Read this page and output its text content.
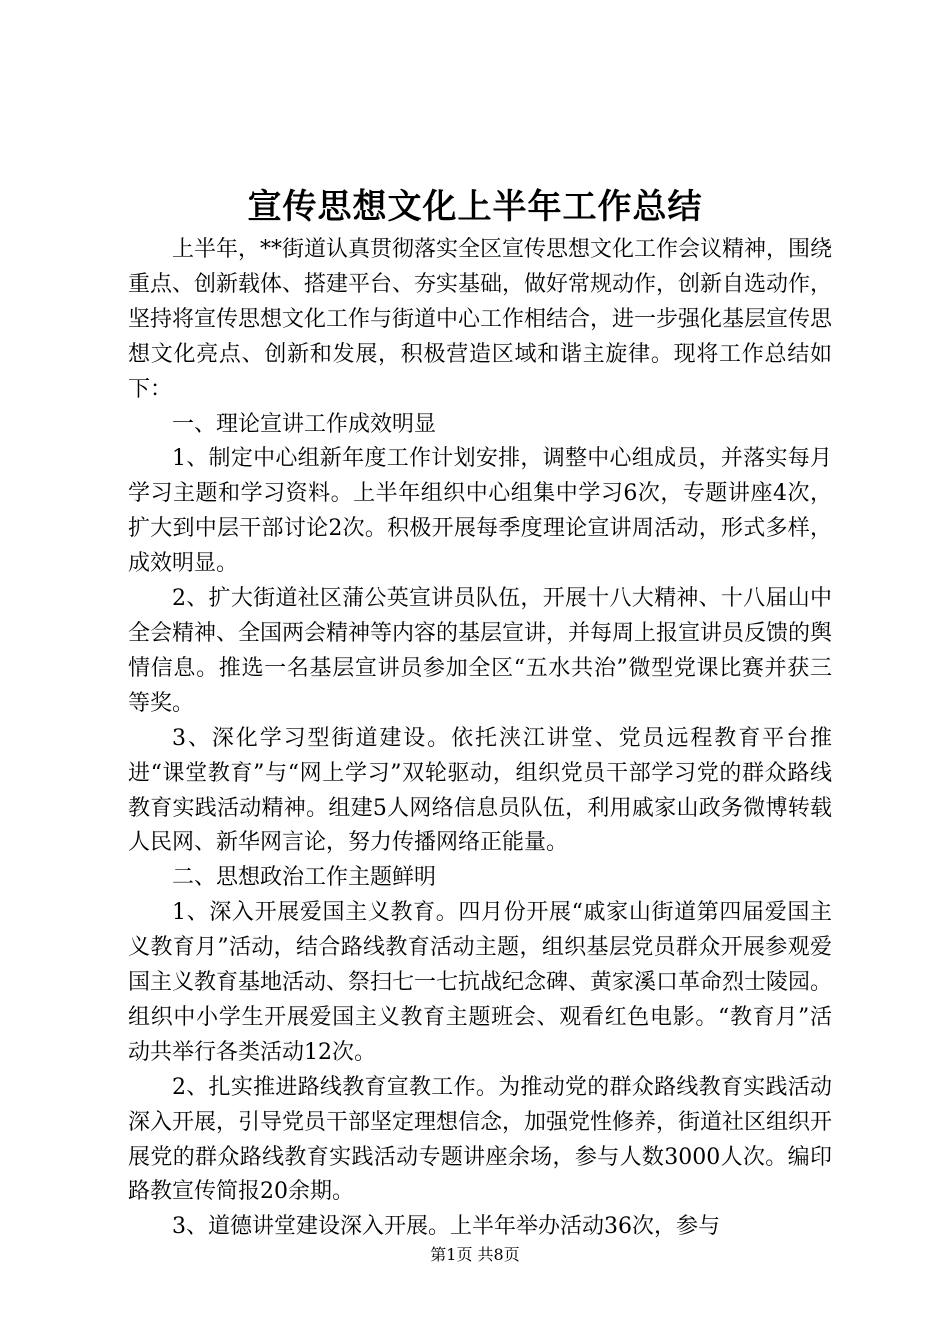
宣传思想文化上半年工作总结

上半年，**街道认真贯彻落实全区宣传思想文化工作会议精神，围绕重点、创新载体、搭建平台、夯实基础，做好常规动作，创新自选动作，坚持将宣传思想文化工作与街道中心工作相结合，进一步强化基层宣传思想文化亮点、创新和发展，积极营造区域和谐主旋律。现将工作总结如下：

一、理论宣讲工作成效明显

1、制定中心组新年度工作计划安排，调整中心组成员，并落实每月学习主题和学习资料。上半年组织中心组集中学习6次，专题讲座4次，扩大到中层干部讨论2次。积极开展每季度理论宣讲周活动，形式多样，成效明显。

2、扩大街道社区蒲公英宣讲员队伍，开展十八大精神、十八届山中全会精神、全国两会精神等内容的基层宣讲，并每周上报宣讲员反馈的舆情信息。推选一名基层宣讲员参加全区“五水共治”微型党课比赛并获三等奖。

3、深化学习型街道建设。依托浃江讲堂、党员远程教育平台推进“课堂教育”与“网上学习”双轮驱动，组织党员干部学习党的群众路线教育实践活动精神。组建5人网络信息员队伍，利用戚家山政务微博转载人民网、新华网言论，努力传播网络正能量。

二、思想政治工作主题鲜明

1、深入开展爱国主义教育。四月份开展“戚家山街道第四届爱国主义教育月”活动，结合路线教育活动主题，组织基层党员群众开展参观爱国主义教育基地活动、祭扫七一七抗战纪念碑、黄家溪口革命烈士陵园。组织中小学生开展爱国主义教育主题班会、观看红色电影。“教育月”活动共举行各类活动12次。

2、扎实推进路线教育宣教工作。为推动党的群众路线教育实践活动深入开展，引导党员干部坚定理想信念，加强党性修养，街道社区组织开展党的群众路线教育实践活动专题讲座余场，参与人数3000人次。编印路教宣传简报20余期。

3、道德讲堂建设深入开展。上半年举办活动36次，参与

第1页 共8页
